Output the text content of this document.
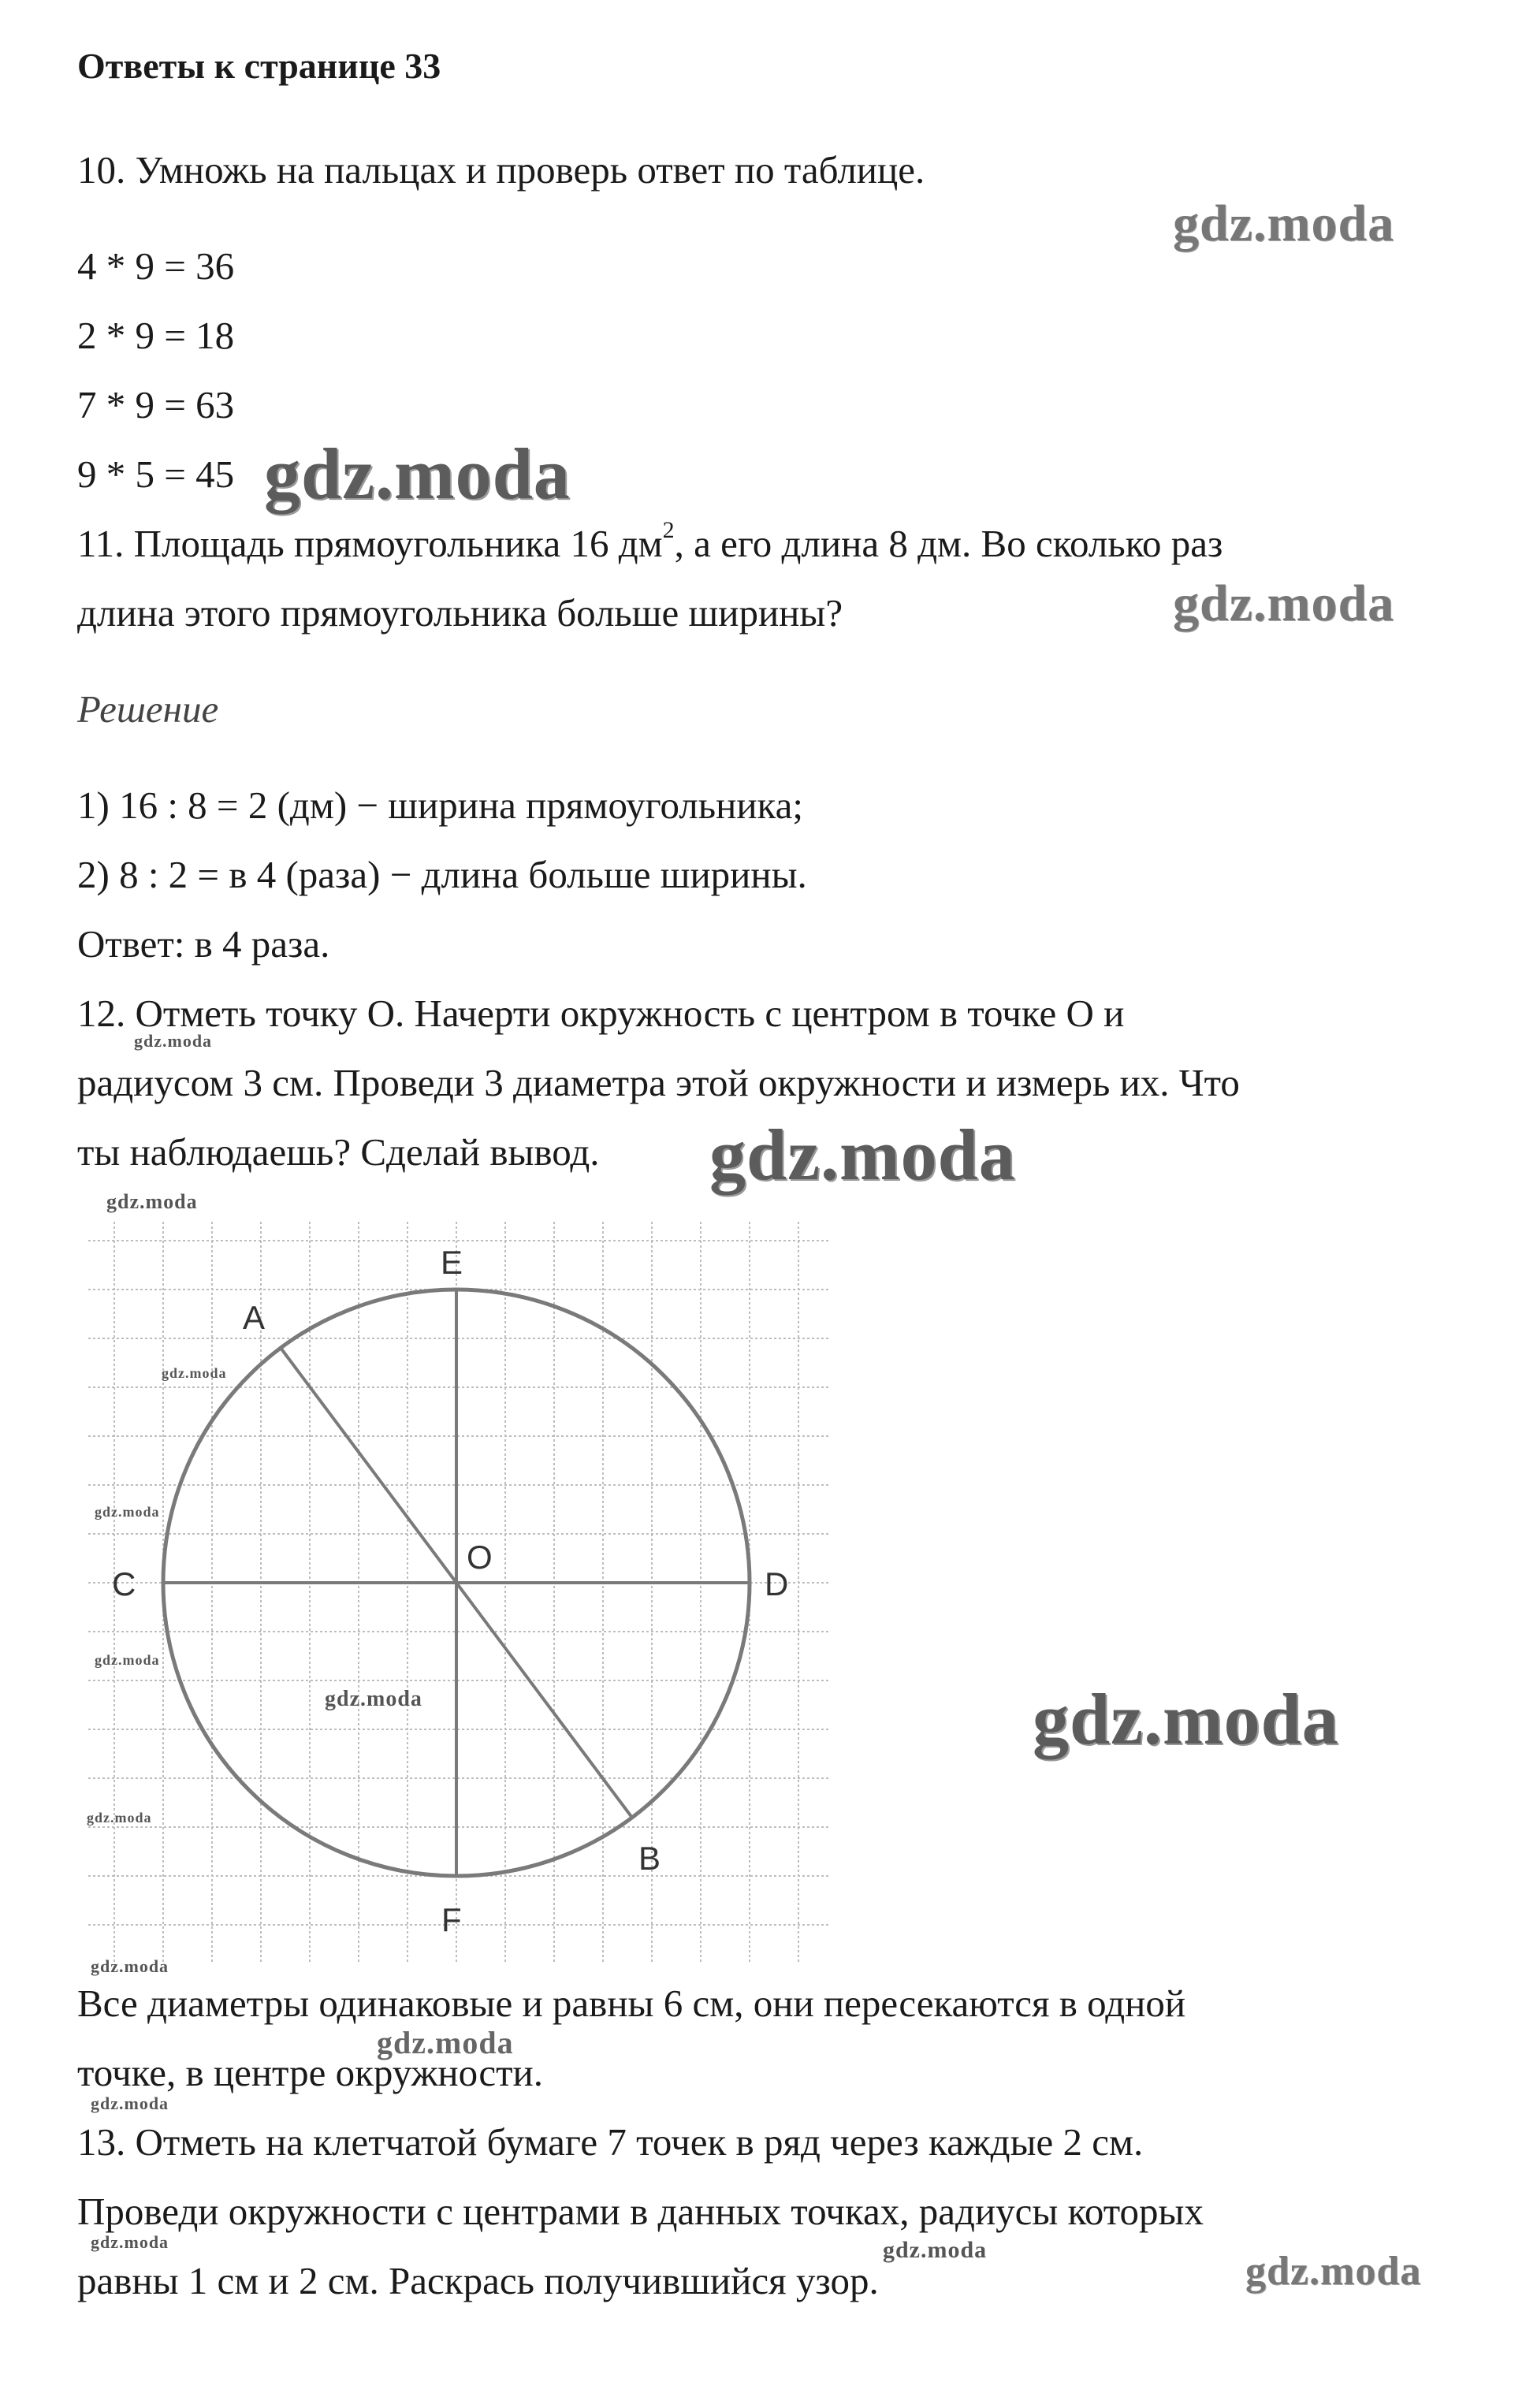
Ответы к странице 33
10. Умножь на пальцах и проверь ответ по таблице.
4 * 9 = 36
2 * 9 = 18
7 * 9 = 63
9 * 5 = 45
11. Площадь прямоугольника 16 $дм^2$, а его длина 8 дм. Во сколько раз
длина этого прямоугольника больше ширины?
Решение
1) 16 : 8 = 2 (дм) − ширина прямоугольника;
2) 8 : 2 = в 4 (раза) − длина больше ширины.
Ответ: в 4 раза.
12. Отметь точку О. Начерти окружность с центром в точке О и
радиусом 3 см. Проведи 3 диаметра этой окружности и измерь их. Что
ты наблюдаешь? Сделай вывод.
E
A
C
O
D
B
F
Все диаметры одинаковые и равны 6 см, они пересекаются в одной
точке, в центре окружности.
13. Отметь на клетчатой бумаге 7 точек в ряд через каждые 2 см.
Проведи окружности с центрами в данных точках, радиусы которых
равны 1 см и 2 см. Раскрась получившийся узор.
gdz.moda
gdz.moda
gdz.moda
gdz.moda
gdz.moda
gdz.moda
gdz.moda
gdz.moda
gdz.moda
gdz.moda
gdz.moda
gdz.moda
gdz.moda
gdz.moda
gdz.moda
gdz.moda	gdz.moda	gdz.moda
